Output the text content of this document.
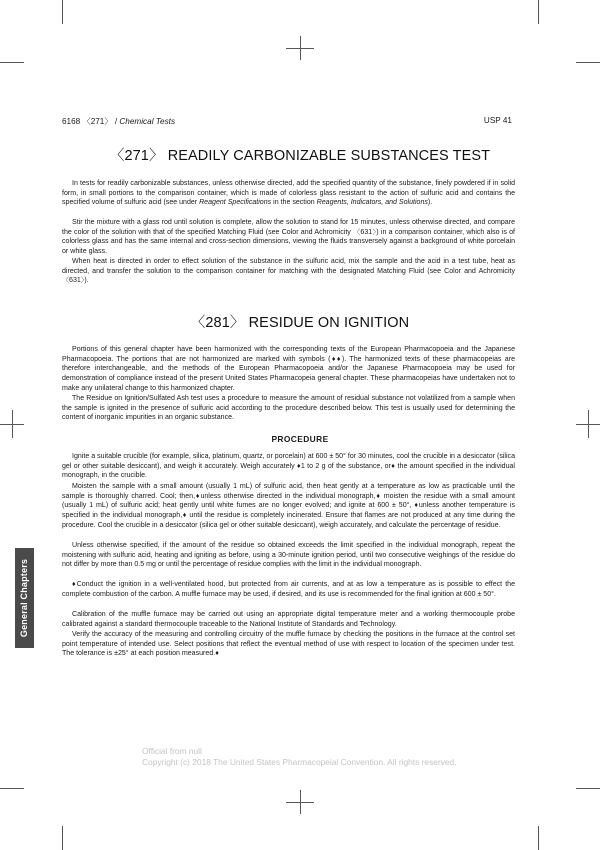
6168 〈271〉 / Chemical Tests	USP 41
〈271〉 READILY CARBONIZABLE SUBSTANCES TEST

In tests for readily carbonizable substances, unless otherwise directed, add the specified quantity of the substance, finely powdered if in solid form, in small portions to the comparison container, which is made of colorless glass resistant to the action of sulfuric acid and contains the specified volume of sulfuric acid (see under Reagent Specifications in the section Reagents, Indicators, and Solutions).

Stir the mixture with a glass rod until solution is complete, allow the solution to stand for 15 minutes, unless otherwise directed, and compare the color of the solution with that of the specified Matching Fluid (see Color and Achromicity 〈631〉) in a comparison container, which also is of colorless glass and has the same internal and cross-section dimensions, viewing the fluids transversely against a background of white porcelain or white glass.

When heat is directed in order to effect solution of the substance in the sulfuric acid, mix the sample and the acid in a test tube, heat as directed, and transfer the solution to the comparison container for matching with the designated Matching Fluid (see Color and Achromicity 〈631〉).

〈281〉 RESIDUE ON IGNITION

Portions of this general chapter have been harmonized with the corresponding texts of the European Pharmacopoeia and the Japanese Pharmacopoeia. The portions that are not harmonized are marked with symbols (♦♦). The harmonized texts of these pharmacopeias are therefore interchangeable, and the methods of the European Pharmacopoeia and/or the Japanese Pharmacopoeia may be used for demonstration of compliance instead of the present United States Pharmacopeia general chapter. These pharmacopeias have undertaken not to make any unilateral change to this harmonized chapter.

The Residue on Ignition/Sulfated Ash test uses a procedure to measure the amount of residual substance not volatilized from a sample when the sample is ignited in the presence of sulfuric acid according to the procedure described below. This test is usually used for determining the content of inorganic impurities in an organic substance.

PROCEDURE

Ignite a suitable crucible (for example, silica, platinum, quartz, or porcelain) at 600 ± 50° for 30 minutes, cool the crucible in a desiccator (silica gel or other suitable desiccant), and weigh it accurately. Weigh accurately ♦1 to 2 g of the substance, or♦ the amount specified in the individual monograph, in the crucible.

Moisten the sample with a small amount (usually 1 mL) of sulfuric acid, then heat gently at a temperature as low as practicable until the sample is thoroughly charred. Cool; then,♦unless otherwise directed in the individual monograph,♦ moisten the residue with a small amount (usually 1 mL) of sulfuric acid; heat gently until white fumes are no longer evolved; and ignite at 600 ± 50°, ♦unless another temperature is specified in the individual monograph,♦ until the residue is completely incinerated. Ensure that flames are not produced at any time during the procedure. Cool the crucible in a desiccator (silica gel or other suitable desiccant), weigh accurately, and calculate the percentage of residue.

Unless otherwise specified, if the amount of the residue so obtained exceeds the limit specified in the individual monograph, repeat the moistening with sulfuric acid, heating and igniting as before, using a 30-minute ignition period, until two consecutive weighings of the residue do not differ by more than 0.5 mg or until the percentage of residue complies with the limit in the individual monograph.

♦Conduct the ignition in a well-ventilated hood, but protected from air currents, and at as low a temperature as is possible to effect the complete combustion of the carbon. A muffle furnace may be used, if desired, and its use is recommended for the final ignition at 600 ± 50°.

Calibration of the muffle furnace may be carried out using an appropriate digital temperature meter and a working thermocouple probe calibrated against a standard thermocouple traceable to the National Institute of Standards and Technology.

Verify the accuracy of the measuring and controlling circuitry of the muffle furnace by checking the positions in the furnace at the control set point temperature of intended use. Select positions that reflect the eventual method of use with respect to location of the specimen under test. The tolerance is ±25° at each position measured.♦

General Chapters
Official from null
Copyright (c) 2018 The United States Pharmacopeial Convention. All rights reserved.
